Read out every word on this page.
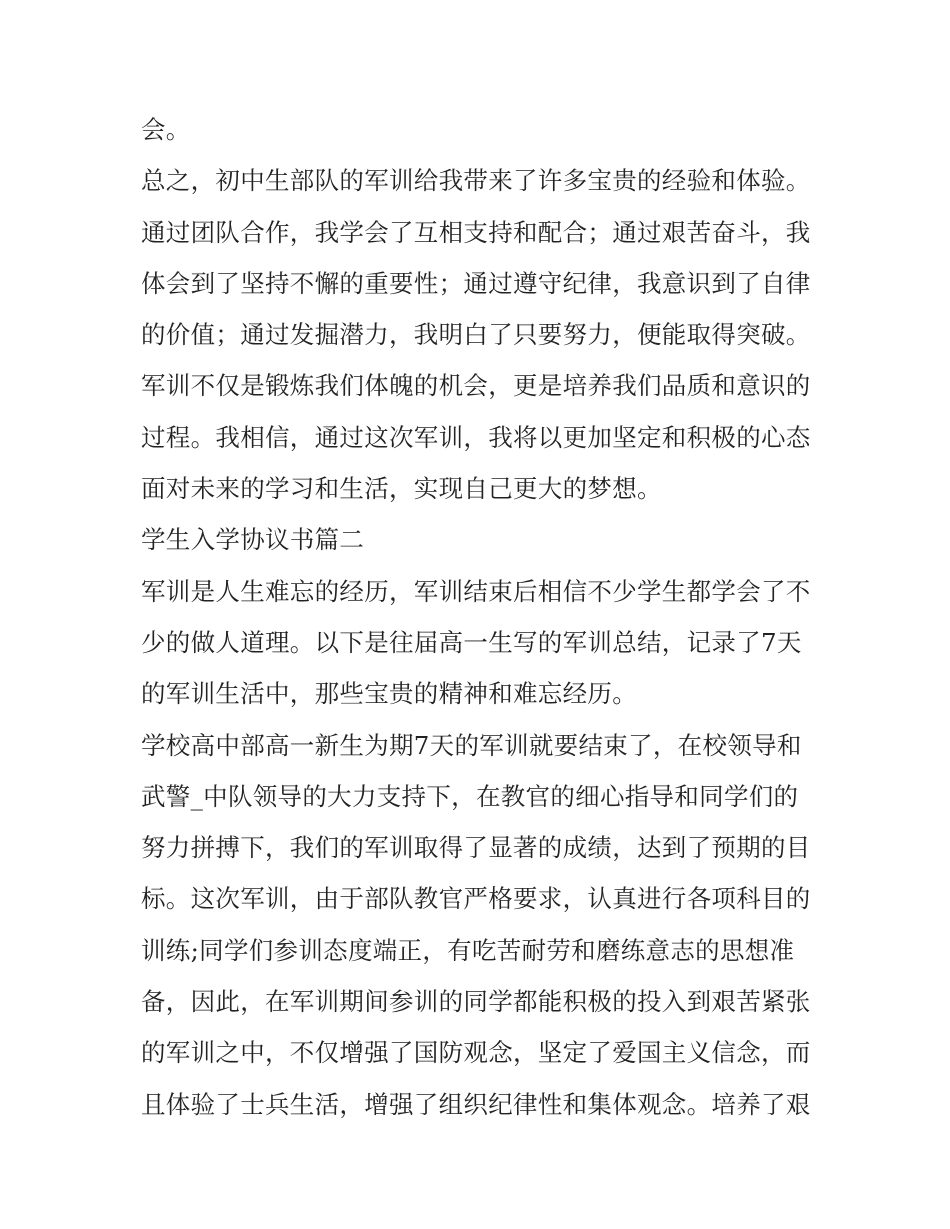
会。
总之，初中生部队的军训给我带来了许多宝贵的经验和体验。
通过团队合作，我学会了互相支持和配合；通过艰苦奋斗，我
体会到了坚持不懈的重要性；通过遵守纪律，我意识到了自律
的价值；通过发掘潜力，我明白了只要努力，便能取得突破。
军训不仅是锻炼我们体魄的机会，更是培养我们品质和意识的
过程。我相信，通过这次军训，我将以更加坚定和积极的心态
面对未来的学习和生活，实现自己更大的梦想。
学生入学协议书篇二
军训是人生难忘的经历，军训结束后相信不少学生都学会了不
少的做人道理。以下是往届高一生写的军训总结，记录了7天
的军训生活中，那些宝贵的精神和难忘经历。
学校高中部高一新生为期7天的军训就要结束了，在校领导和
武警_中队领导的大力支持下，在教官的细心指导和同学们的
努力拼搏下，我们的军训取得了显著的成绩，达到了预期的目
标。这次军训，由于部队教官严格要求，认真进行各项科目的
训练;同学们参训态度端正，有吃苦耐劳和磨练意志的思想准
备，因此，在军训期间参训的同学都能积极的投入到艰苦紧张
的军训之中，不仅增强了国防观念，坚定了爱国主义信念，而
且体验了士兵生活，增强了组织纪律性和集体观念。培养了艰
